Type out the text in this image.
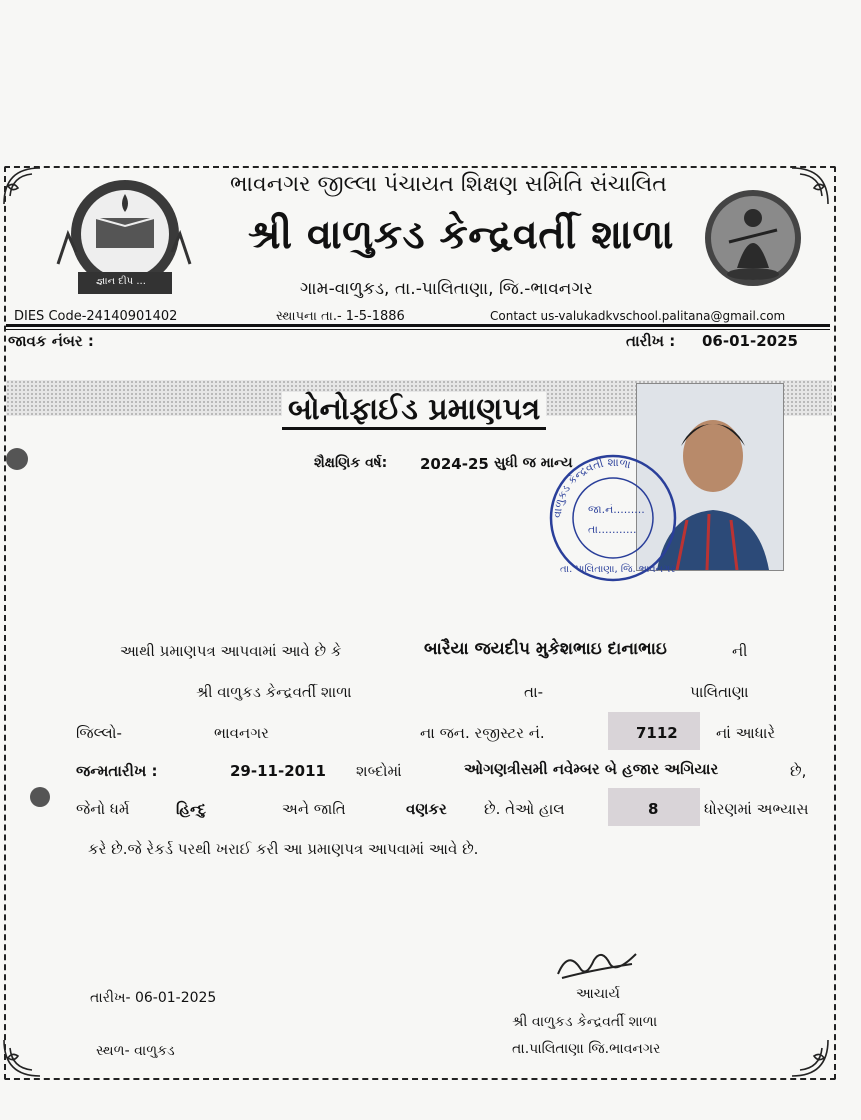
જ્ઞાન દીપ ...
ભાવનગર જીલ્લા પંચાયત શિક્ષણ સમિતિ સંચાલિત
શ્રી વાળુકડ કેન્દ્રવર્તી શાળા
ગામ-વાળુકડ, તા.-પાલિતાણા, જિ.-ભાવનગર
DIES Code-24140901402	સ્થાપના તા.- 1-5-1886	Contact us-valukadkvschool.palitana@gmail.com
જાવક નંબર :	તારીખ : 06-01-2025
બોનોફાઈડ પ્રમાણપત્ર
શૈક્ષણિક વર્ષ: 2024-25 સુધી જ માન્ય
વાળુકડ કેન્દ્રવર્તી શાળા
જા.નં.........
તા...........
તા. પાલિતાણા, જિ. ભાવનગર
આથી પ્રમાણપત્ર આપવામાં આવે છે કે	બારૈયા જયદીપ મુકેશભાઇ દાનાભાઇ	ની
શ્રી વાળુકડ કેન્દ્રવર્તી શાળા	તા-	પાલિતાણા
જિલ્લો-	ભાવનગર	ના જન. રજીસ્ટર નં.	7112	નાં આધારે
જન્મતારીખ :	29-11-2011 શબ્દોમાં	ઓગણત્રીસમી નવેમ્બર બે હજાર અગિયાર	છે,
જેનો ધર્મ	હિન્દુ	અને જાતિ	વણકર છે. તેઓ હાલ	8	ધોરણમાં અભ્યાસ
કરે છે.જે રેકર્ડ પરથી ખરાઈ કરી આ પ્રમાણપત્ર આપવામાં આવે છે.
તારીખ- 06-01-2025
સ્થળ- વાળુકડ
આચાર્ય
શ્રી વાળુકડ કેન્દ્રવર્તી શાળા
તા.પાલિતાણા જિ.ભાવનગર
